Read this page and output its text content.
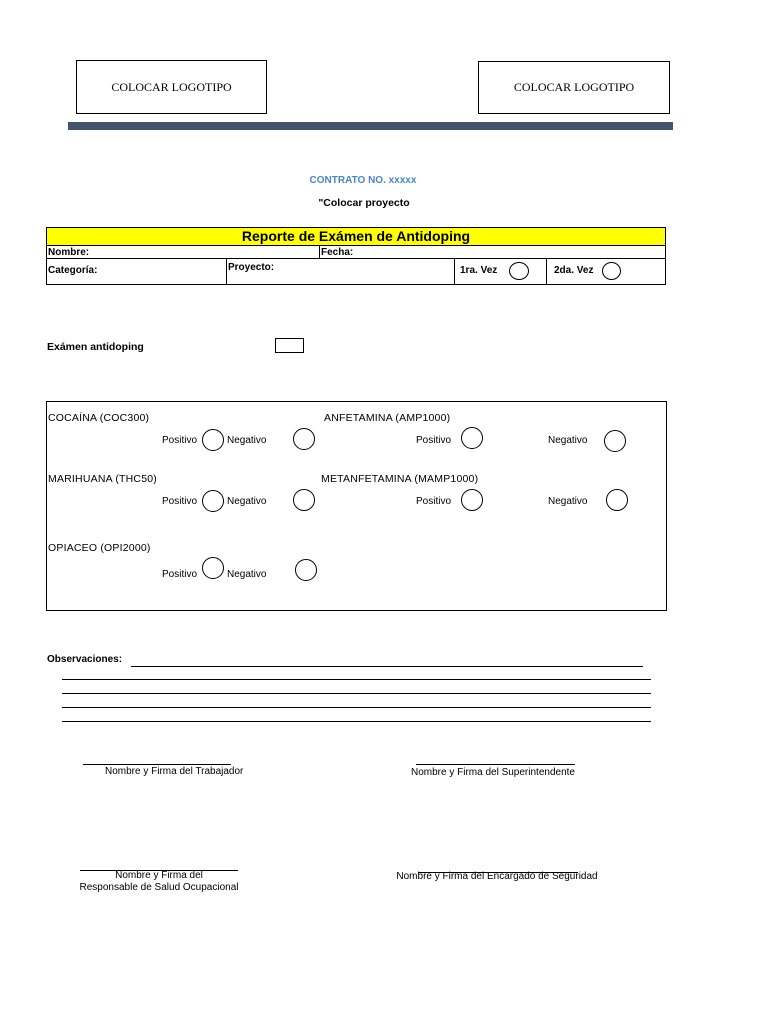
COLOCAR LOGOTIPO	COLOCAR LOGOTIPO
CONTRATO NO. xxxxx
"Colocar proyecto
Reporte de Exámen de Antidoping
Nombre:	Fecha:
Categoría:	Proyecto:	1ra. Vez	2da. Vez
Exámen antidoping
COCAÍNA (COC300)
Positivo	Negativo
ANFETAMINA (AMP1000)
Positivo	Negativo
MARIHUANA (THC50)
Positivo	Negativo
METANFETAMINA (MAMP1000)
Positivo	Negativo
OPIACEO (OPI2000)
Positivo	Negativo
Observaciones:
Nombre y Firma del Trabajador	Nombre y Firma del Superintendente
Nombre y Firma del
Responsable de Salud Ocupacional
Nombre y Firma del Encargado de Seguridad
